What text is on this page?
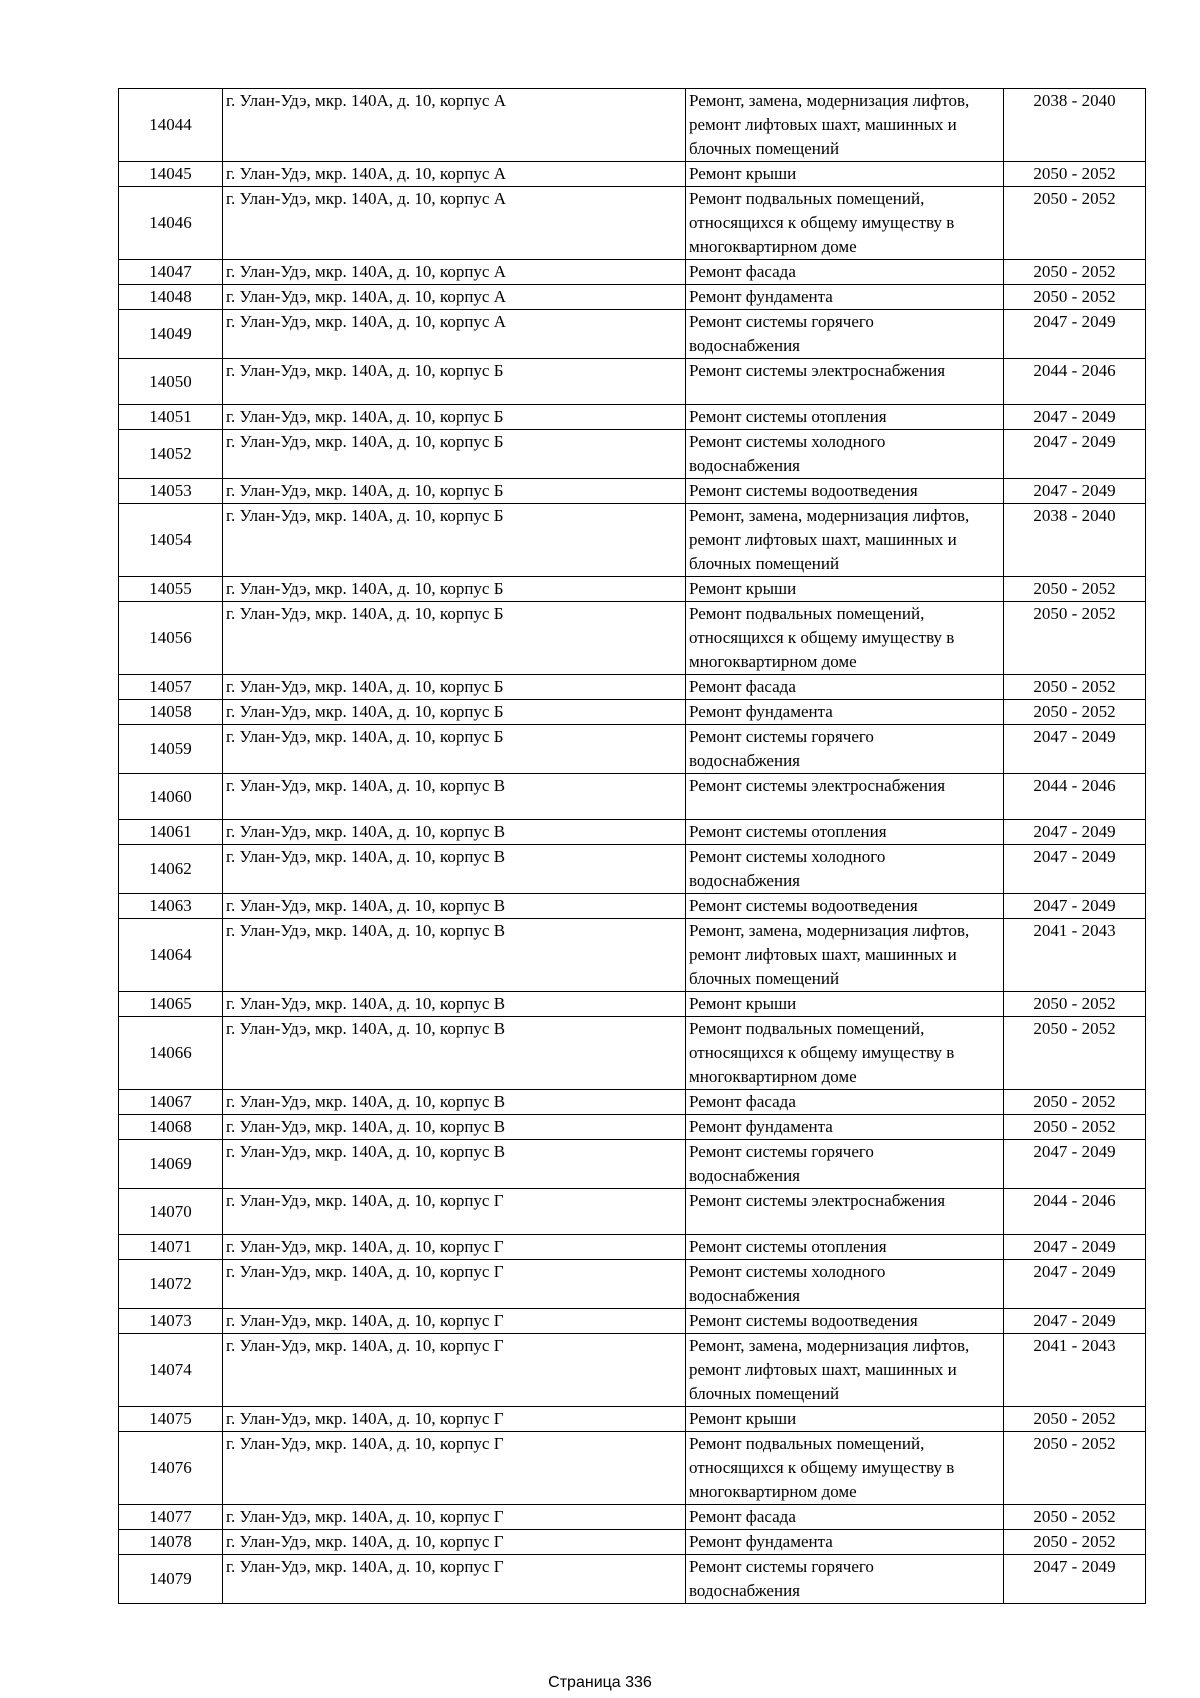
14044	г. Улан-Удэ, мкр. 140А, д. 10, корпус А	Ремонт, замена, модернизация лифтов,
ремонт лифтовых шахт, машинных и
блочных помещений	2038 - 2040
14045	г. Улан-Удэ, мкр. 140А, д. 10, корпус А	Ремонт крыши	2050 - 2052
14046	г. Улан-Удэ, мкр. 140А, д. 10, корпус А	Ремонт подвальных помещений,
относящихся к общему имуществу в
многоквартирном доме	2050 - 2052
14047	г. Улан-Удэ, мкр. 140А, д. 10, корпус А	Ремонт фасада	2050 - 2052
14048	г. Улан-Удэ, мкр. 140А, д. 10, корпус А	Ремонт фундамента	2050 - 2052
14049	г. Улан-Удэ, мкр. 140А, д. 10, корпус А	Ремонт системы горячего
водоснабжения	2047 - 2049
14050	г. Улан-Удэ, мкр. 140А, д. 10, корпус Б	Ремонт системы электроснабжения	2044 - 2046
14051	г. Улан-Удэ, мкр. 140А, д. 10, корпус Б	Ремонт системы отопления	2047 - 2049
14052	г. Улан-Удэ, мкр. 140А, д. 10, корпус Б	Ремонт системы холодного
водоснабжения	2047 - 2049
14053	г. Улан-Удэ, мкр. 140А, д. 10, корпус Б	Ремонт системы водоотведения	2047 - 2049
14054	г. Улан-Удэ, мкр. 140А, д. 10, корпус Б	Ремонт, замена, модернизация лифтов,
ремонт лифтовых шахт, машинных и
блочных помещений	2038 - 2040
14055	г. Улан-Удэ, мкр. 140А, д. 10, корпус Б	Ремонт крыши	2050 - 2052
14056	г. Улан-Удэ, мкр. 140А, д. 10, корпус Б	Ремонт подвальных помещений,
относящихся к общему имуществу в
многоквартирном доме	2050 - 2052
14057	г. Улан-Удэ, мкр. 140А, д. 10, корпус Б	Ремонт фасада	2050 - 2052
14058	г. Улан-Удэ, мкр. 140А, д. 10, корпус Б	Ремонт фундамента	2050 - 2052
14059	г. Улан-Удэ, мкр. 140А, д. 10, корпус Б	Ремонт системы горячего
водоснабжения	2047 - 2049
14060	г. Улан-Удэ, мкр. 140А, д. 10, корпус В	Ремонт системы электроснабжения	2044 - 2046
14061	г. Улан-Удэ, мкр. 140А, д. 10, корпус В	Ремонт системы отопления	2047 - 2049
14062	г. Улан-Удэ, мкр. 140А, д. 10, корпус В	Ремонт системы холодного
водоснабжения	2047 - 2049
14063	г. Улан-Удэ, мкр. 140А, д. 10, корпус В	Ремонт системы водоотведения	2047 - 2049
14064	г. Улан-Удэ, мкр. 140А, д. 10, корпус В	Ремонт, замена, модернизация лифтов,
ремонт лифтовых шахт, машинных и
блочных помещений	2041 - 2043
14065	г. Улан-Удэ, мкр. 140А, д. 10, корпус В	Ремонт крыши	2050 - 2052
14066	г. Улан-Удэ, мкр. 140А, д. 10, корпус В	Ремонт подвальных помещений,
относящихся к общему имуществу в
многоквартирном доме	2050 - 2052
14067	г. Улан-Удэ, мкр. 140А, д. 10, корпус В	Ремонт фасада	2050 - 2052
14068	г. Улан-Удэ, мкр. 140А, д. 10, корпус В	Ремонт фундамента	2050 - 2052
14069	г. Улан-Удэ, мкр. 140А, д. 10, корпус В	Ремонт системы горячего
водоснабжения	2047 - 2049
14070	г. Улан-Удэ, мкр. 140А, д. 10, корпус Г	Ремонт системы электроснабжения	2044 - 2046
14071	г. Улан-Удэ, мкр. 140А, д. 10, корпус Г	Ремонт системы отопления	2047 - 2049
14072	г. Улан-Удэ, мкр. 140А, д. 10, корпус Г	Ремонт системы холодного
водоснабжения	2047 - 2049
14073	г. Улан-Удэ, мкр. 140А, д. 10, корпус Г	Ремонт системы водоотведения	2047 - 2049
14074	г. Улан-Удэ, мкр. 140А, д. 10, корпус Г	Ремонт, замена, модернизация лифтов,
ремонт лифтовых шахт, машинных и
блочных помещений	2041 - 2043
14075	г. Улан-Удэ, мкр. 140А, д. 10, корпус Г	Ремонт крыши	2050 - 2052
14076	г. Улан-Удэ, мкр. 140А, д. 10, корпус Г	Ремонт подвальных помещений,
относящихся к общему имуществу в
многоквартирном доме	2050 - 2052
14077	г. Улан-Удэ, мкр. 140А, д. 10, корпус Г	Ремонт фасада	2050 - 2052
14078	г. Улан-Удэ, мкр. 140А, д. 10, корпус Г	Ремонт фундамента	2050 - 2052
14079	г. Улан-Удэ, мкр. 140А, д. 10, корпус Г	Ремонт системы горячего
водоснабжения	2047 - 2049
Страница 336
